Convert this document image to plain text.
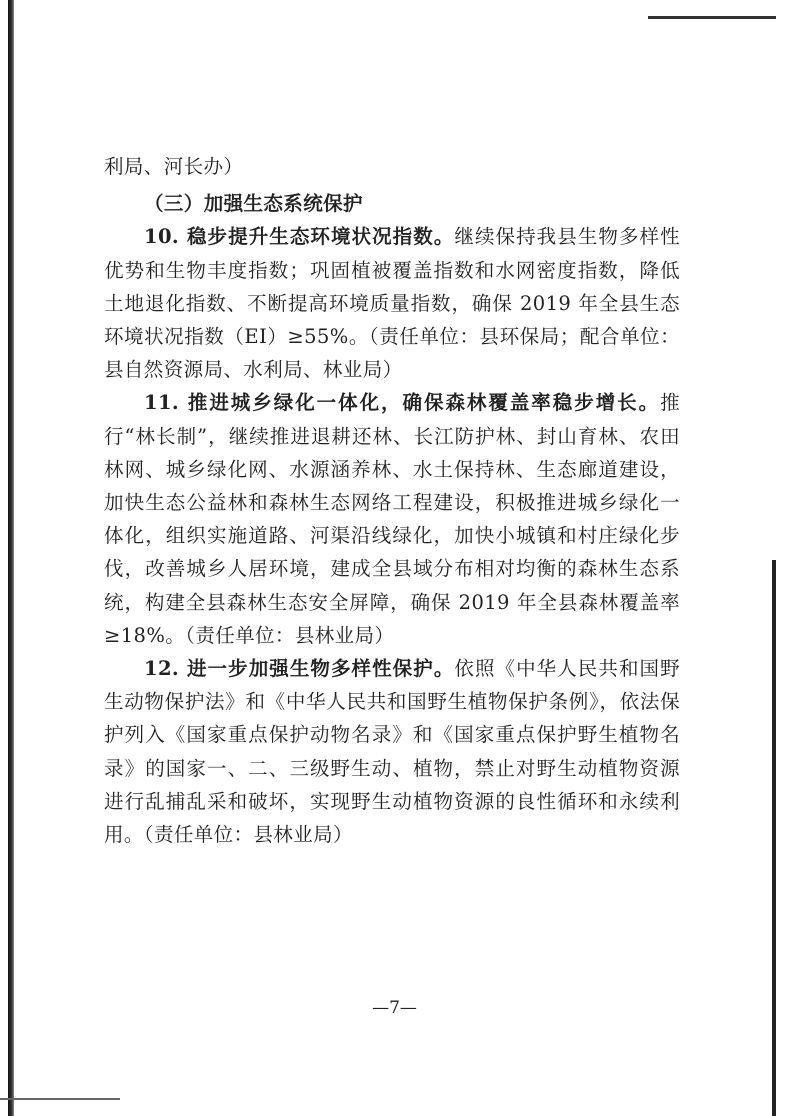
利局、河长办）

（三）加强生态系统保护

10. 稳步提升生态环境状况指数。继续保持我县生物多样性优势和生物丰度指数；巩固植被覆盖指数和水网密度指数，降低土地退化指数、不断提高环境质量指数，确保 2019 年全县生态环境状况指数（EI）≥55%。（责任单位：县环保局；配合单位：县自然资源局、水利局、林业局）

11. 推进城乡绿化一体化，确保森林覆盖率稳步增长。推行“林长制”，继续推进退耕还林、长江防护林、封山育林、农田林网、城乡绿化网、水源涵养林、水土保持林、生态廊道建设，加快生态公益林和森林生态网络工程建设，积极推进城乡绿化一体化，组织实施道路、河渠沿线绿化，加快小城镇和村庄绿化步伐，改善城乡人居环境，建成全县域分布相对均衡的森林生态系统，构建全县森林生态安全屏障，确保 2019 年全县森林覆盖率≥18%。（责任单位：县林业局）

12. 进一步加强生物多样性保护。依照《中华人民共和国野生动物保护法》和《中华人民共和国野生植物保护条例》，依法保护列入《国家重点保护动物名录》和《国家重点保护野生植物名录》的国家一、二、三级野生动、植物，禁止对野生动植物资源进行乱捕乱采和破坏，实现野生动植物资源的良性循环和永续利用。（责任单位：县林业局）

—7—
